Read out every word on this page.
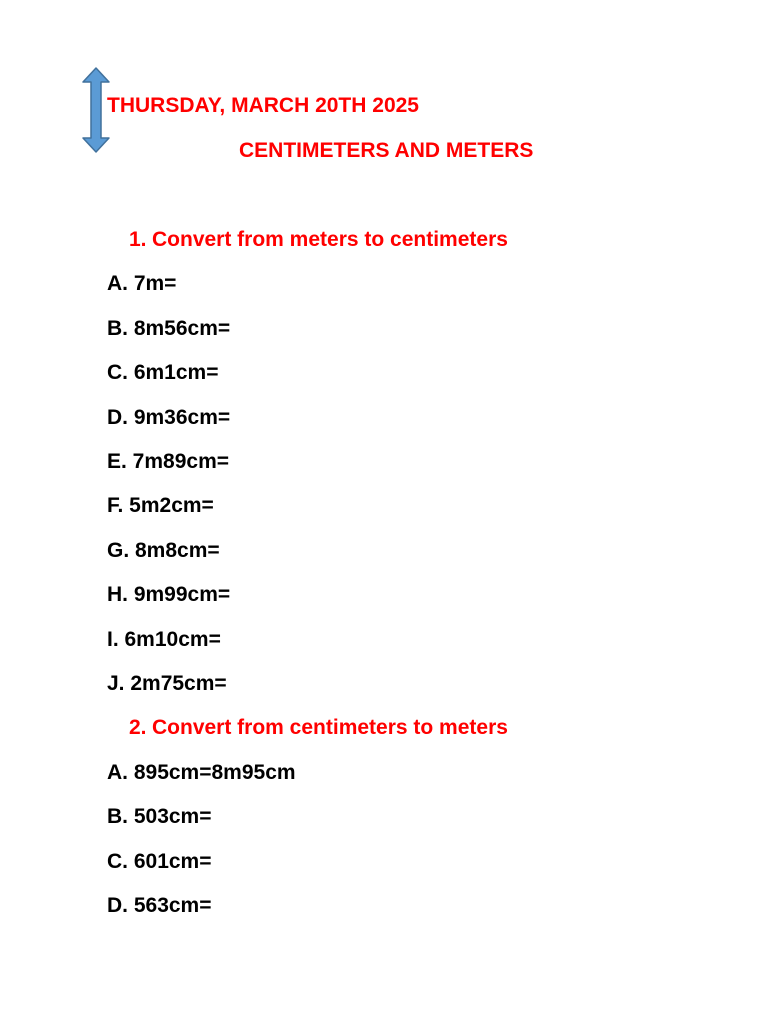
THURSDAY, MARCH 20TH 2025
CENTIMETERS AND METERS
1. Convert from meters to centimeters
A. 7m=
B. 8m56cm=
C. 6m1cm=
D. 9m36cm=
E. 7m89cm=
F. 5m2cm=
G. 8m8cm=
H. 9m99cm=
I. 6m10cm=
J. 2m75cm=
2. Convert from centimeters to meters
A. 895cm=8m95cm
B. 503cm=
C. 601cm=
D. 563cm=
